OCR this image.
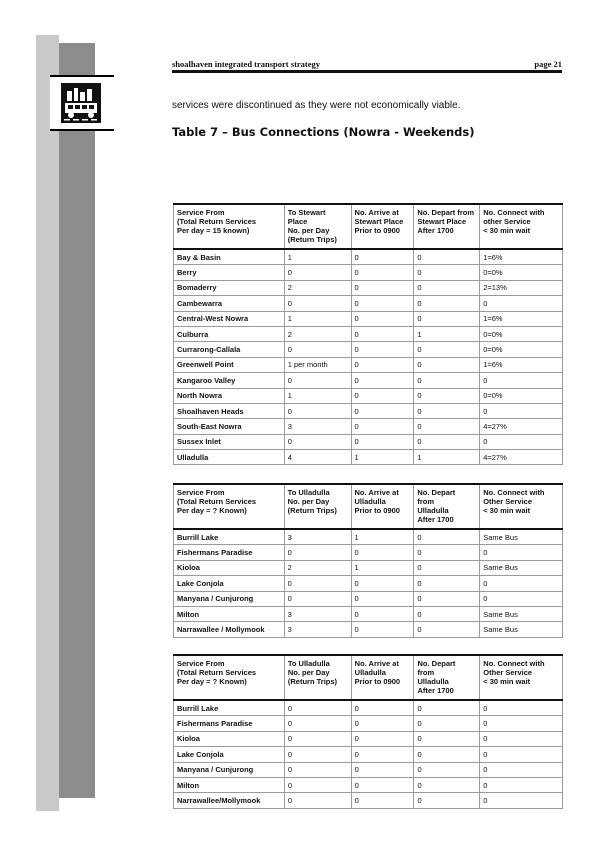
shoalhaven integrated transport strategy	page 21
services were discontinued as they were not economically viable.
Table 7 – Bus Connections (Nowra - Weekends)
Service From
(Total Return Services
Per day = 15 known)	To Stewart
Place
No. per Day
(Return Trips)	No. Arrive at
Stewart Place
Prior to 0900	No. Depart from
Stewart Place
After 1700	No. Connect with
other Service
< 30 min wait
Bay & Basin	1	0	0	1=6%
Berry	0	0	0	0=0%
Bomaderry	2	0	0	2=13%
Cambewarra	0	0	0	0
Central-West Nowra	1	0	0	1=6%
Culburra	2	0	1	0=0%
Currarong-Callala	0	0	0	0=0%
Greenwell Point	1 per month	0	0	1=6%
Kangaroo Valley	0	0	0	0
North Nowra	1	0	0	0=0%
Shoalhaven Heads	0	0	0	0
South-East Nowra	3	0	0	4=27%
Sussex Inlet	0	0	0	0
Ulladulla	4	1	1	4=27%
Service From
(Total Return Services
Per day = ? Known)	To Ulladulla
No. per Day
(Return Trips)	No. Arrive at
Ulladulla
Prior to 0900	No. Depart
from
Ulladulla
After 1700	No. Connect with
Other Service
< 30 min wait
Burrill Lake	3	1	0	Same Bus
Fishermans Paradise	0	0	0	0
Kioloa	2	1	0	Same Bus
Lake Conjola	0	0	0	0
Manyana / Cunjurong	0	0	0	0
Milton	3	0	0	Same Bus
Narrawallee / Mollymook	3	0	0	Same Bus
Service From
(Total Return Services
Per day = ? Known)	To Ulladulla
No. per Day
(Return Trips)	No. Arrive at
Ulladulla
Prior to 0900	No. Depart
from
Ulladulla
After 1700	No. Connect with
Other Service
< 30 min wait
Burrill Lake	0	0	0	0
Fishermans Paradise	0	0	0	0
Kioloa	0	0	0	0
Lake Conjola	0	0	0	0
Manyana / Cunjurong	0	0	0	0
Milton	0	0	0	0
Narrawallee/Mollymook	0	0	0	0
